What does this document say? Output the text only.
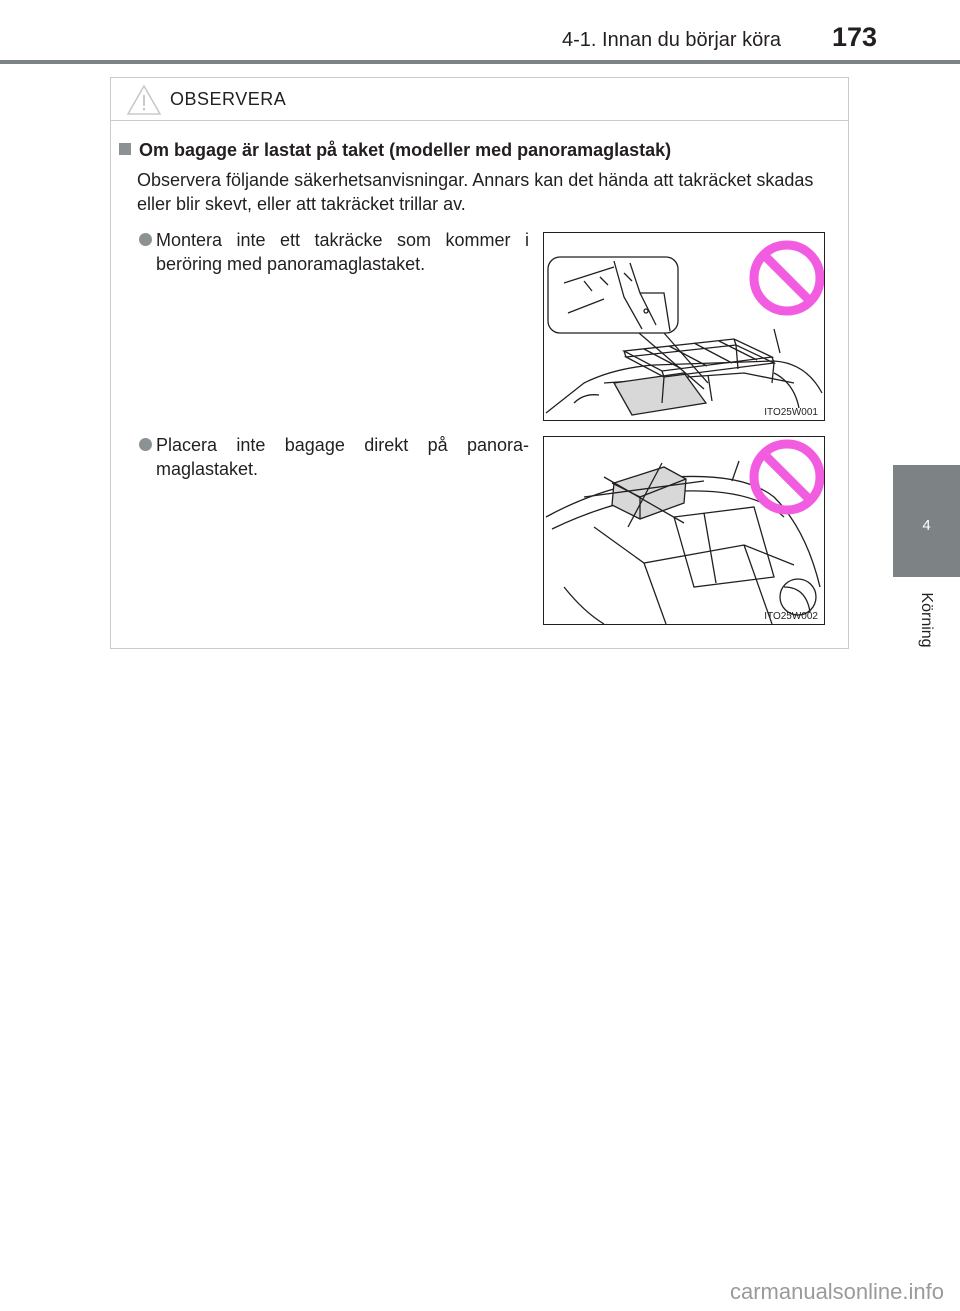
4-1. Innan du börjar köra 173
4
Körning
OBSERVERA
Om bagage är lastat på taket (modeller med panoramaglastak)
Observera följande säkerhetsanvisningar. Annars kan det hända att takräcket skadas eller blir skevt, eller att takräcket trillar av.
Montera inte ett takräcke som kommer i beröring med panoramaglastaket.
ITO25W001
Placera inte bagage direkt på panora-maglastaket.
ITO25W002
carmanualsonline.info
